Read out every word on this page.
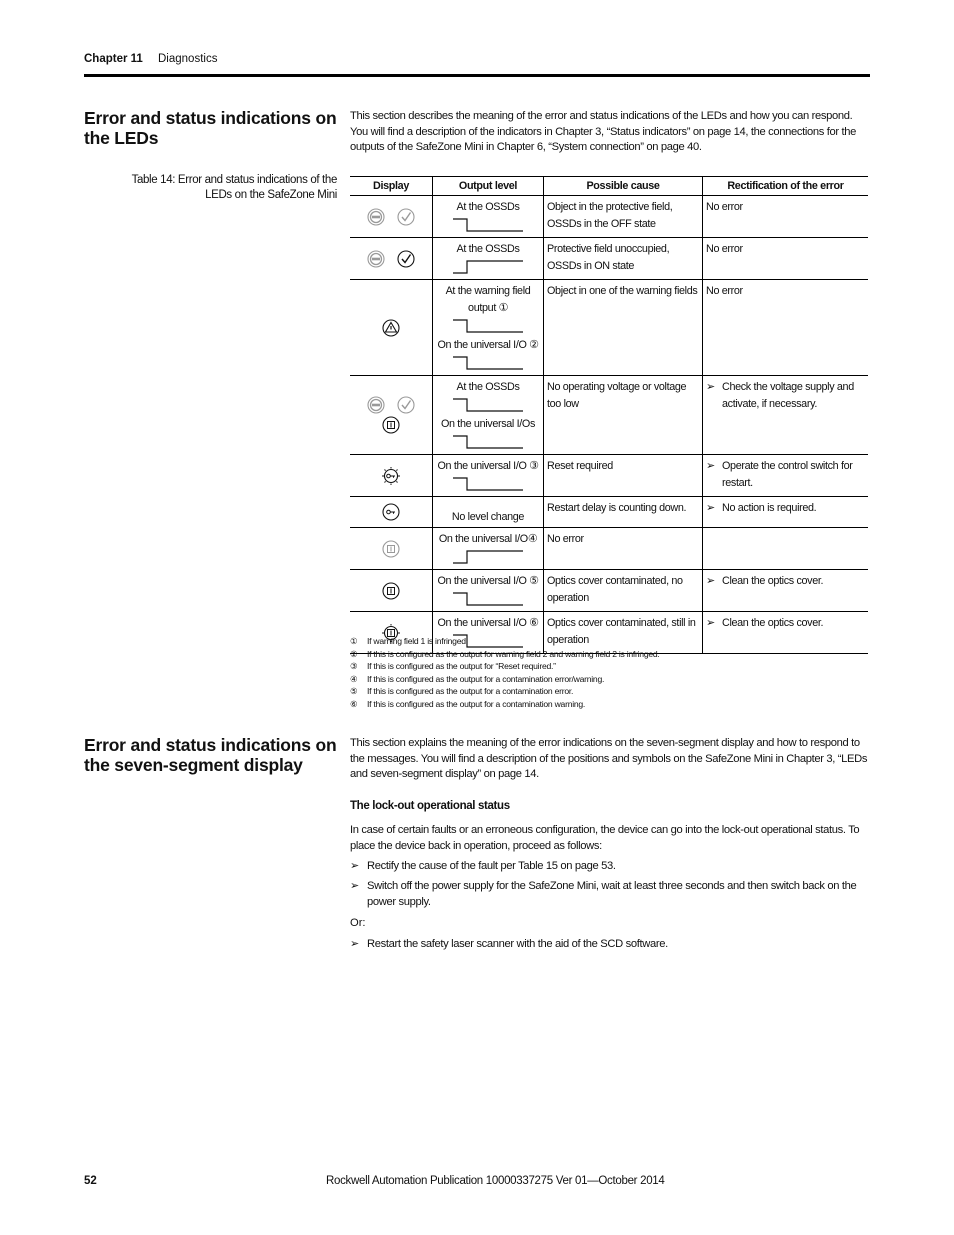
Chapter 11 Diagnostics
Error and status indications on the LEDs

This section describes the meaning of the error and status indications of the LEDs and how you can respond. You will find a description of the indicators in Chapter 3, “Status indicators” on page 14, the connections for the outputs of the SafeZone Mini in Chapter 6, “System connection” on page 40.

Table 14: Error and status indications of the LEDs on the SafeZone Mini
Display	Output level	Possible cause	Rectification of the error

At the OSSDs	Object in the protective field, OSSDs in the OFF state	No error

At the OSSDs	Protective field unoccupied, OSSDs in ON state	No error

At the warning field output ①
On the universal I/O ②	Object in one of the warning fields	No error

At the OSSDs
On the universal I/Os	No operating voltage or voltage too low	➢ Check the voltage supply and activate, if necessary.

On the universal I/O ③	Reset required	➢ Operate the control switch for restart.

No level change	Restart delay is counting down.	➢ No action is required.

On the universal I/O④	No error	

On the universal I/O ⑤	Optics cover contaminated, no operation	➢ Clean the optics cover.

On the universal I/O ⑥	Optics cover contaminated, still in operation	➢ Clean the optics cover.
①	If warning field 1 is infringed.
②	If this is configured as the output for warning field 2 and warning field 2 is infringed.
③	If this is configured as the output for “Reset required.”
④	If this is configured as the output for a contamination error/warning.
⑤	If this is configured as the output for a contamination error.
⑥	If this is configured as the output for a contamination warning.
Error and status indications on the seven-segment display

This section explains the meaning of the error indications on the seven-segment display and how to respond to the messages. You will find a description of the positions and symbols on the SafeZone Mini in Chapter 3, “LEDs and seven-segment display” on page 14.

The lock-out operational status

In case of certain faults or an erroneous configuration, the device can go into the lock-out operational status. To place the device back in operation, proceed as follows:

➢ Rectify the cause of the fault per Table 15 on page 53.
➢ Switch off the power supply for the SafeZone Mini, wait at least three seconds and then switch back on the power supply.
Or:
➢ Restart the safety laser scanner with the aid of the SCD software.
52	Rockwell Automation Publication 10000337275 Ver 01—October 2014
